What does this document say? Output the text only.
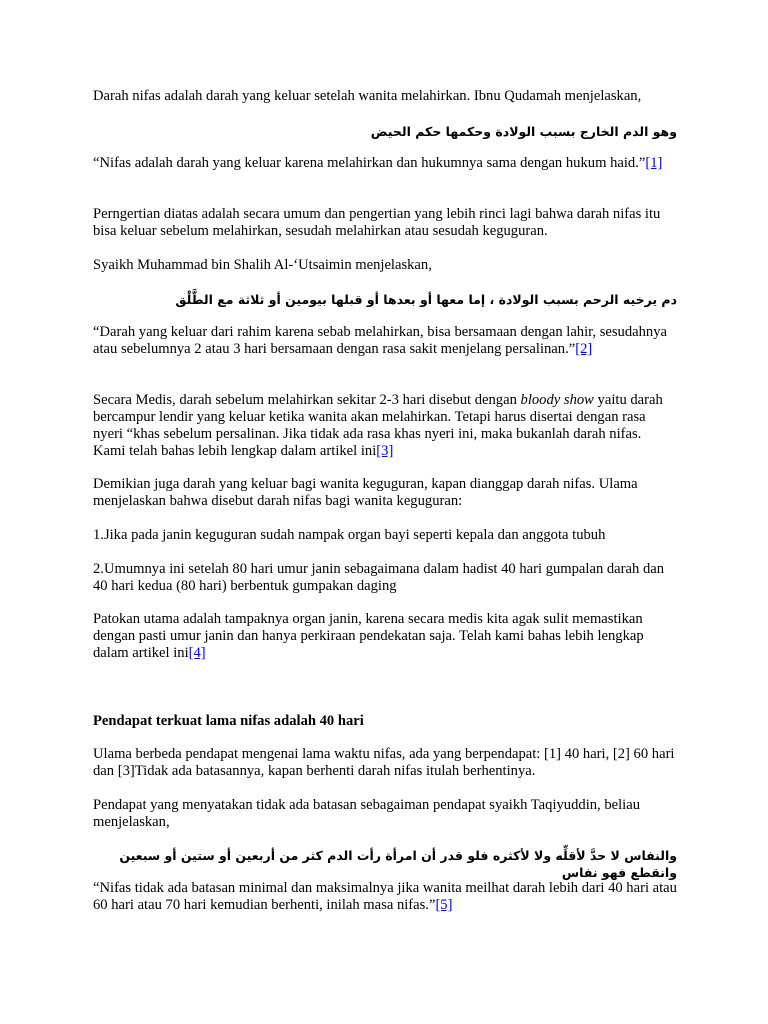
Darah nifas adalah darah yang keluar setelah wanita melahirkan. Ibnu Qudamah menjelaskan,

وهو الدم الخارج بسبب الولادة وحكمها حكم الحيض

“Nifas adalah darah yang keluar karena melahirkan dan hukumnya sama dengan hukum haid.”[1]

Perngertian diatas adalah secara umum dan pengertian yang lebih rinci lagi bahwa darah nifas itu bisa keluar sebelum melahirkan, sesudah melahirkan atau sesudah keguguran.

Syaikh Muhammad bin Shalih Al-‘Utsaimin menjelaskan,

دم يرخيه الرحم بسبب الولادة ، إما معها أو بعدها أو قبلها بيومين أو ثلاثة مع الطَّلْق

“Darah yang keluar dari rahim karena sebab melahirkan, bisa bersamaan dengan lahir, sesudahnya atau sebelumnya 2 atau 3 hari bersamaan dengan rasa sakit menjelang persalinan.”[2]

Secara Medis, darah sebelum melahirkan sekitar 2-3 hari disebut dengan bloody show yaitu darah bercampur lendir yang keluar ketika wanita akan melahirkan. Tetapi harus disertai dengan rasa nyeri “khas sebelum persalinan. Jika tidak ada rasa khas nyeri ini, maka bukanlah darah nifas. Kami telah bahas lebih lengkap dalam artikel ini[3]

Demikian juga darah yang keluar bagi wanita keguguran, kapan dianggap darah nifas. Ulama menjelaskan bahwa disebut darah nifas bagi wanita keguguran:

1.Jika pada janin keguguran sudah nampak organ bayi seperti kepala dan anggota tubuh

2.Umumnya ini setelah 80 hari umur janin sebagaimana dalam hadist 40 hari gumpalan darah dan 40 hari kedua (80 hari) berbentuk gumpakan daging

Patokan utama adalah tampaknya organ janin, karena secara medis kita agak sulit memastikan dengan pasti umur janin dan hanya perkiraan pendekatan saja. Telah kami bahas lebih lengkap dalam artikel ini[4]

Pendapat terkuat lama nifas adalah 40 hari

Ulama berbeda pendapat mengenai lama waktu nifas, ada yang berpendapat: [1] 40 hari, [2] 60 hari dan [3]Tidak ada batasannya, kapan berhenti darah nifas itulah berhentinya.

Pendapat yang menyatakan tidak ada batasan sebagaiman pendapat syaikh Taqiyuddin, beliau menjelaskan,

والنفاس لا حدَّ لأقلِّه ولا لأكثره فلو قدر أن امرأة رأت الدم كثر من أربعين أو ستين أو سبعين وانقطع فهو نفاس

“Nifas tidak ada batasan minimal dan maksimalnya jika wanita meilhat darah lebih dari 40 hari atau 60 hari atau 70 hari kemudian berhenti, inilah masa nifas.”[5]
